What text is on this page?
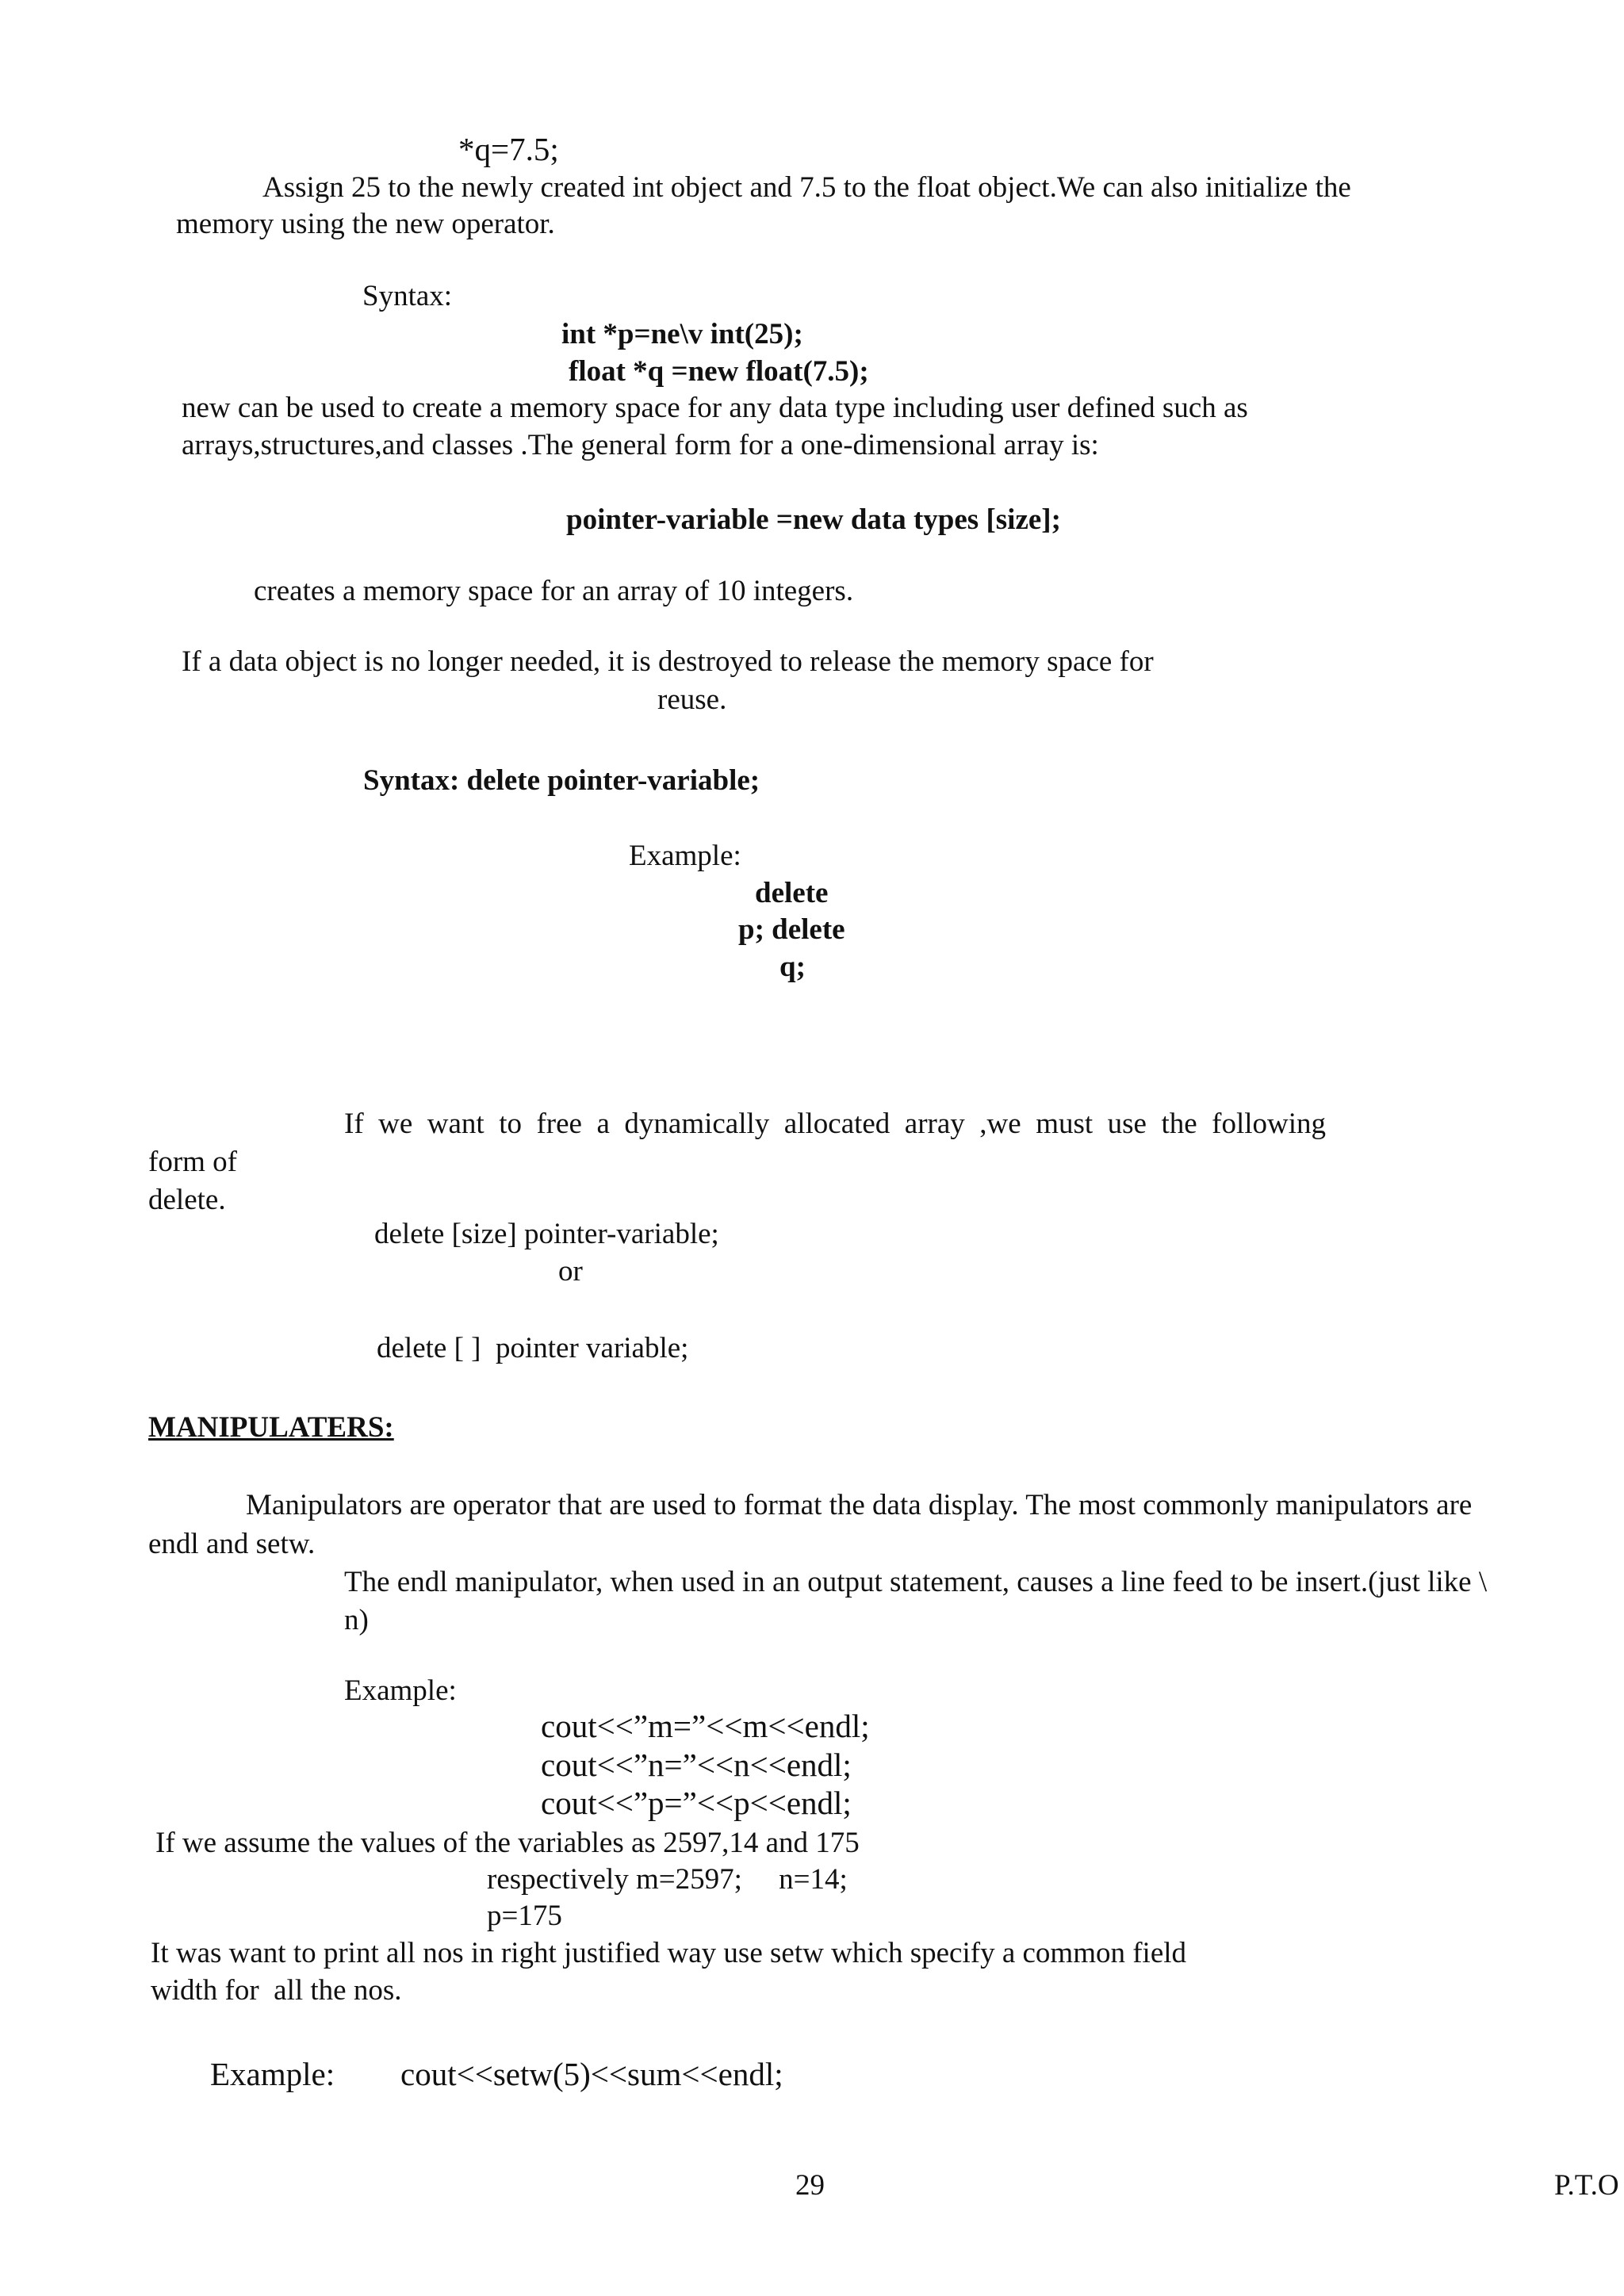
*q=7.5;
Assign 25 to the newly created int object and 7.5 to the float object.We can also initialize the
memory using the new operator.
Syntax:
int *p=ne\v int(25);
float *q =new float(7.5);
new can be used to create a memory space for any data type including user defined such as
arrays,structures,and classes .The general form for a one-dimensional array is:
pointer-variable =new data types [size];
creates a memory space for an array of 10 integers.
If a data object is no longer needed, it is destroyed to release the memory space for
reuse.
Syntax: delete pointer-variable;
Example:
delete
p; delete
q;
If  we  want  to  free  a  dynamically  allocated  array  ,we  must  use  the  following
form of
delete.
delete [size] pointer-variable;
or
delete [ ]  pointer variable;
MANIPULATERS:
Manipulators are operator that are used to format the data display. The most commonly manipulators are
endl and setw.
The endl manipulator, when used in an output statement, causes a line feed to be insert.(just like \
n)
Example:
cout<<”m=”<<m<<endl;
cout<<”n=”<<n<<endl;
cout<<”p=”<<p<<endl;
If we assume the values of the variables as 2597,14 and 175
respectively m=2597;     n=14;
p=175
It was want to print all nos in right justified way use setw which specify a common field
width for  all the nos.
Example: cout<<setw(5)<<sum<<endl;
29	P.T.O
